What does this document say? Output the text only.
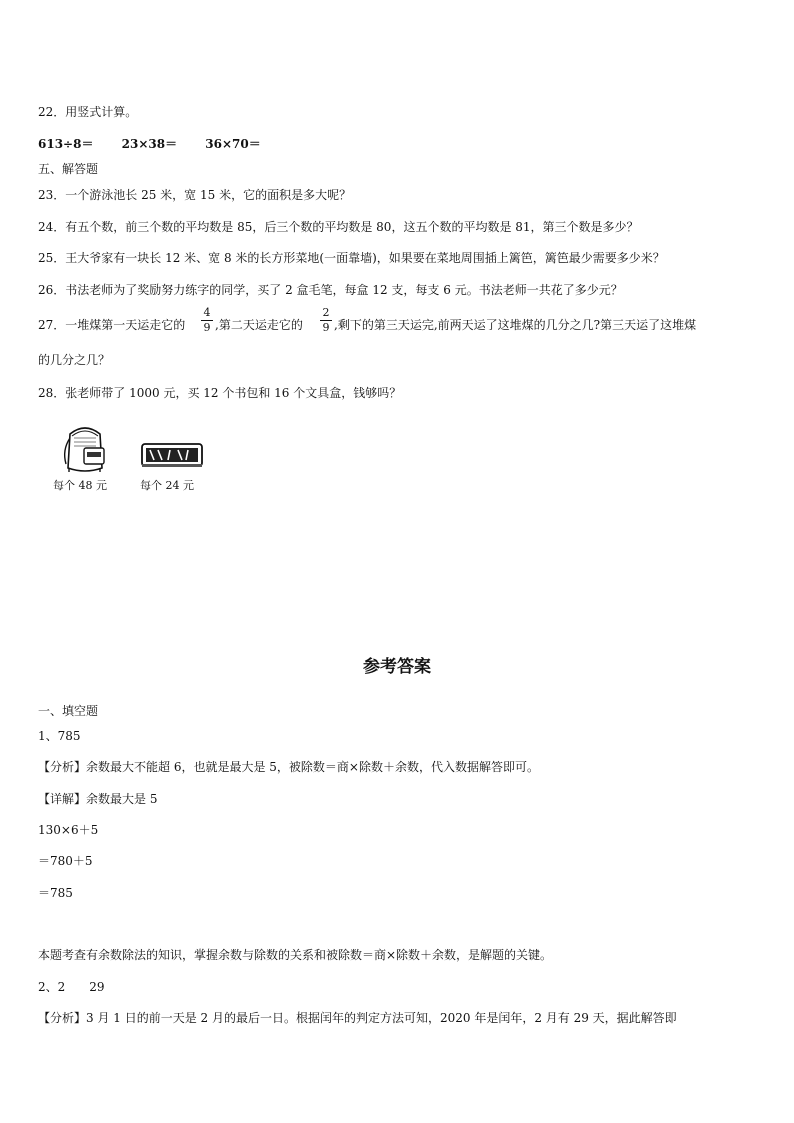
22．用竖式计算。
613÷8＝　　 23×38＝　　 36×70＝
五、解答题
23．一个游泳池长 25 米，宽 15 米，它的面积是多大呢？
24．有五个数，前三个数的平均数是 85，后三个数的平均数是 80，这五个数的平均数是 81，第三个数是多少？
25．王大爷家有一块长 12 米、宽 8 米的长方形菜地(一面靠墙)，如果要在菜地周围插上篱笆，篱笆最少需要多少米？
26．书法老师为了奖励努力练字的同学，买了 2 盒毛笔，每盒 12 支，每支 6 元。书法老师一共花了多少元？
27．一堆煤第一天运走它的 $\frac{4}{9}$ ,第二天运走它的 $\frac{2}{9}$ ,剩下的第三天运完,前两天运了这堆煤的几分之几?第三天运了这堆煤
的几分之几？
28．张老师带了 1000 元，买 12 个书包和 16 个文具盒，钱够吗？
每个 48 元	每个 24 元
参考答案
一、填空题
1、785
【分析】余数最大不能超 6，也就是最大是 5，被除数＝商×除数＋余数，代入数据解答即可。
【详解】余数最大是 5
130×6＋5
＝780＋5
＝785
本题考查有余数除法的知识，掌握余数与除数的关系和被除数＝商×除数＋余数，是解题的关键。
2、2　　29
【分析】3 月 1 日的前一天是 2 月的最后一日。根据闰年的判定方法可知，2020 年是闰年，2 月有 29 天，据此解答即
